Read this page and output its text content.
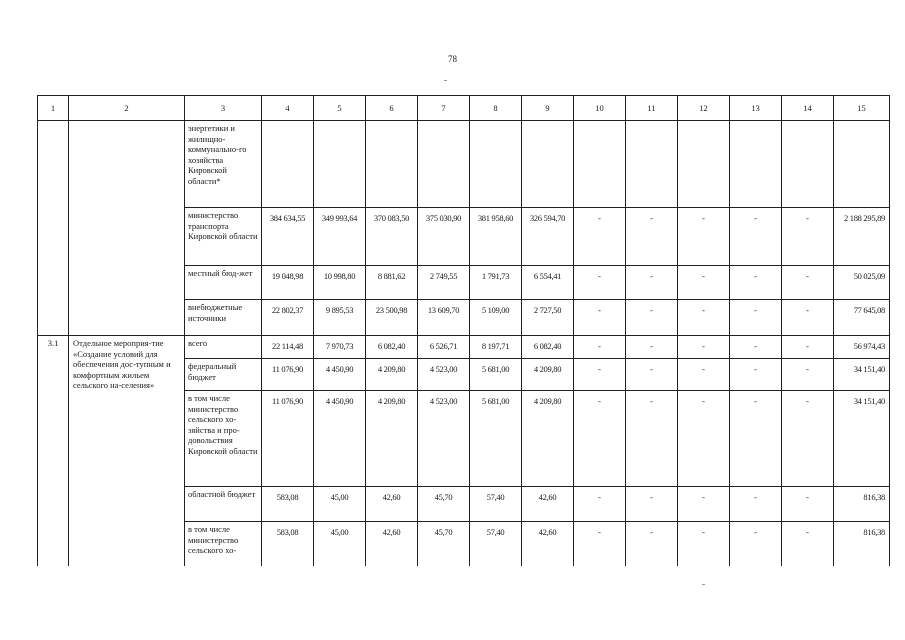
78
1	2	3	4	5	6	7	8	9	10	11	12	13	14	15
		энергетики и жилищно-коммунально-го хозяйства Кировской области*												
		министерство транспорта Кировской области	384 634,55	349 993,64	370 083,50	375 030,90	381 958,60	326 594,70	-	-	-	-	-	2 188 295,89
		местный бюд-жет	19 048,98	10 998,80	8 881,62	2 749,55	1 791,73	6 554,41	-	-	-	-	-	50 025,09
		внебюджетные источники	22 802,37	9 895,53	23 500,98	13 609,70	5 109,00	2 727,50	-	-	-	-	-	77 645,08
3.1	Отдельное мероприя-тие «Создание условий для обеспечения дос-тупным и комфортным жильем сельского на-селения»	всего	22 114,48	7 970,73	6 082,40	6 526,71	8 197,71	6 082,40	-	-	-	-	-	56 974,43
		федеральный бюджет	11 076,90	4 450,90	4 209,80	4 523,00	5 681,00	4 209,80	-	-	-	-	-	34 151,40
		в том числе министерство сельского хо-зяйства и про-довольствия Кировской области	11 076,90	4 450,90	4 209,80	4 523,00	5 681,00	4 209,80	-	-	-	-	-	34 151,40
		областной бюджет	583,08	45,00	42,60	45,70	57,40	42,60	-	-	-	-	-	816,38
		в том числе министерство сельского хо-	583,08	45,00	42,60	45,70	57,40	42,60	-	-	-	-	-	816,38
